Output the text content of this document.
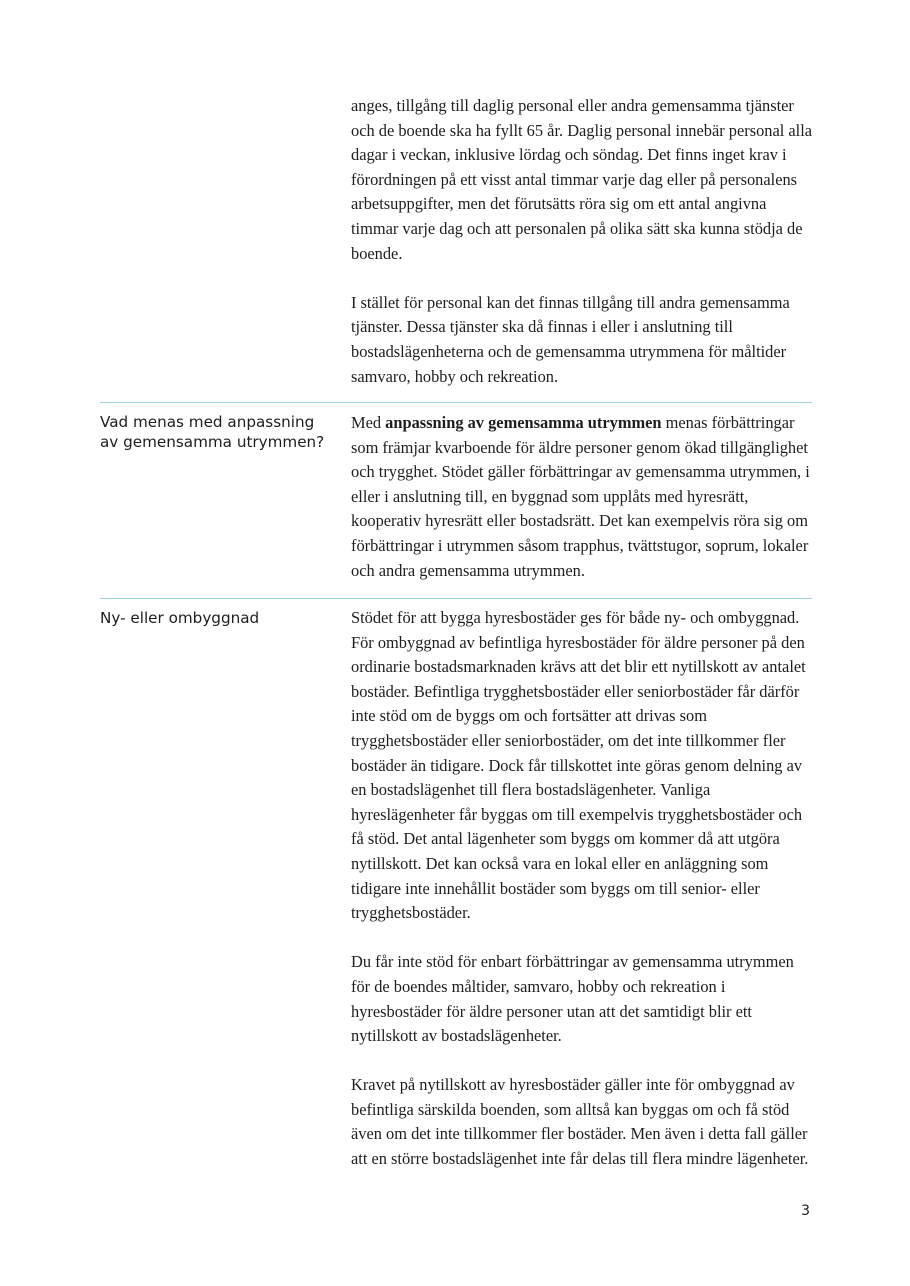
anges, tillgång till daglig personal eller andra gemensamma tjänster och de boende ska ha fyllt 65 år. Daglig personal innebär personal alla dagar i veckan, inklusive lördag och söndag. Det finns inget krav i förordningen på ett visst antal timmar varje dag eller på personalens arbetsuppgifter, men det förutsätts röra sig om ett antal angivna timmar varje dag och att personalen på olika sätt ska kunna stödja de boende.

I stället för personal kan det finnas tillgång till andra gemensamma tjänster. Dessa tjänster ska då finnas i eller i anslutning till bostadslägenheterna och de gemensamma utrymmena för måltider samvaro, hobby och rekreation.

Vad menas med anpassning av gemensamma utrymmen?

Med anpassning av gemensamma utrymmen menas förbättringar som främjar kvarboende för äldre personer genom ökad tillgänglighet och trygghet. Stödet gäller förbättringar av gemensamma utrymmen, i eller i anslutning till, en byggnad som upplåts med hyresrätt, kooperativ hyresrätt eller bostadsrätt. Det kan exempelvis röra sig om förbättringar i utrymmen såsom trapphus, tvättstugor, soprum, lokaler och andra gemensamma utrymmen.

Ny- eller ombyggnad	Stödet för att bygga hyresbostäder ges för både ny- och ombyggnad. För ombyggnad av befintliga hyresbostäder för äldre personer på den ordinarie bostadsmarknaden krävs att det blir ett nytillskott av antalet bostäder. Befintliga trygghetsbostäder eller seniorbostäder får därför inte stöd om de byggs om och fortsätter att drivas som trygghetsbostäder eller seniorbostäder, om det inte tillkommer fler bostäder än tidigare. Dock får tillskottet inte göras genom delning av en bostadslägenhet till flera bostadslägenheter. Vanliga hyreslägenheter får byggas om till exempelvis trygghetsbostäder och få stöd. Det antal lägenheter som byggs om kommer då att utgöra nytillskott. Det kan också vara en lokal eller en anläggning som tidigare inte innehållit bostäder som byggs om till senior- eller trygghetsbostäder.

Du får inte stöd för enbart förbättringar av gemensamma utrymmen för de boendes måltider, samvaro, hobby och rekreation i hyresbostäder för äldre personer utan att det samtidigt blir ett nytillskott av bostadslägenheter.

Kravet på nytillskott av hyresbostäder gäller inte för ombyggnad av befintliga särskilda boenden, som alltså kan byggas om och få stöd även om det inte tillkommer fler bostäder. Men även i detta fall gäller att en större bostadslägenhet inte får delas till flera mindre lägenheter.

3
